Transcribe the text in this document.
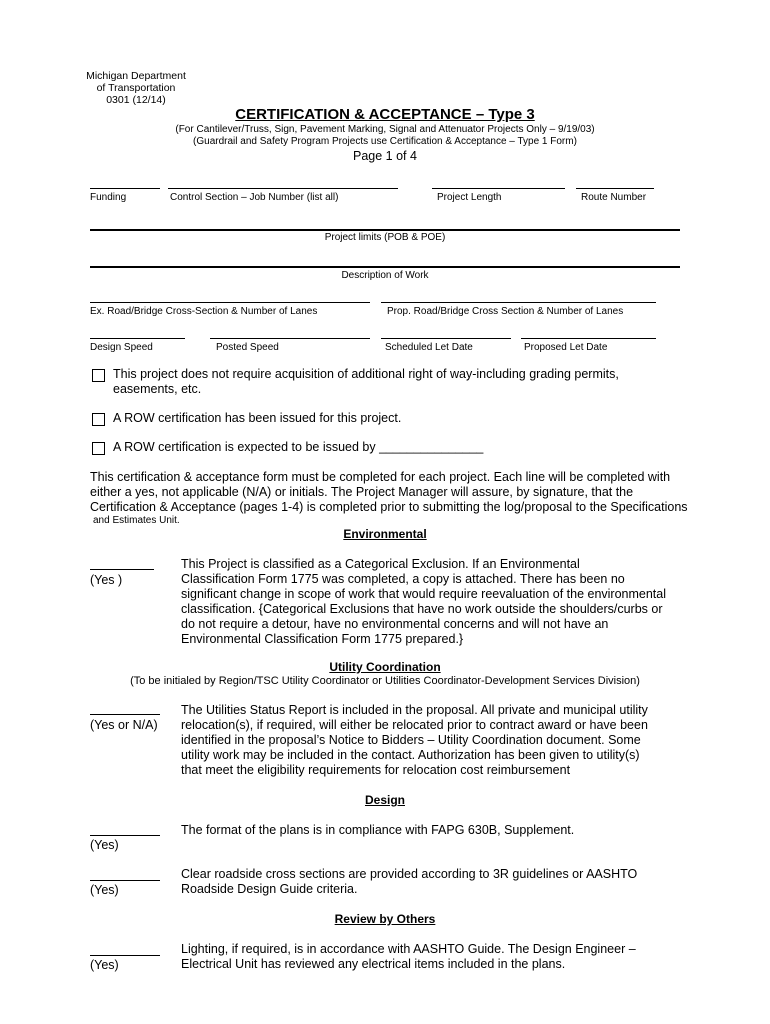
Michigan Department
of Transportation
0301 (12/14)
CERTIFICATION & ACCEPTANCE – Type 3
(For Cantilever/Truss, Sign, Pavement Marking, Signal and Attenuator Projects Only – 9/19/03)
(Guardrail and Safety Program Projects use Certification & Acceptance – Type 1 Form)
Page 1 of 4
Funding	Control Section – Job Number (list all)	Project Length	Route Number
Project limits (POB & POE)
Description of Work
Ex. Road/Bridge Cross-Section & Number of Lanes	Prop. Road/Bridge Cross Section & Number of Lanes
Design Speed	Posted Speed	Scheduled Let Date	Proposed Let Date
This project does not require acquisition of additional right of way-including grading permits,
easements, etc.
A ROW certification has been issued for this project.
A ROW certification is expected to be issued by _______________
This certification & acceptance form must be completed for each project. Each line will be completed with
either a yes, not applicable (N/A) or initials. The Project Manager will assure, by signature, that the
Certification & Acceptance (pages 1-4) is completed prior to submitting the log/proposal to the Specifications
and Estimates Unit.
Environmental
(Yes )
This Project is classified as a Categorical Exclusion. If an Environmental
Classification Form 1775 was completed, a copy is attached. There has been no
significant change in scope of work that would require reevaluation of the environmental
classification. {Categorical Exclusions that have no work outside the shoulders/curbs or
do not require a detour, have no environmental concerns and will not have an
Environmental Classification Form 1775 prepared.}
Utility Coordination
(To be initialed by Region/TSC Utility Coordinator or Utilities Coordinator-Development Services Division)
(Yes or N/A)
The Utilities Status Report is included in the proposal. All private and municipal utility
relocation(s), if required, will either be relocated prior to contract award or have been
identified in the proposal’s Notice to Bidders – Utility Coordination document. Some
utility work may be included in the contact. Authorization has been given to utility(s)
that meet the eligibility requirements for relocation cost reimbursement
Design
(Yes)
The format of the plans is in compliance with FAPG 630B, Supplement.
(Yes)
Clear roadside cross sections are provided according to 3R guidelines or AASHTO
Roadside Design Guide criteria.
Review by Others
(Yes)
Lighting, if required, is in accordance with AASHTO Guide. The Design Engineer –
Electrical Unit has reviewed any electrical items included in the plans.
